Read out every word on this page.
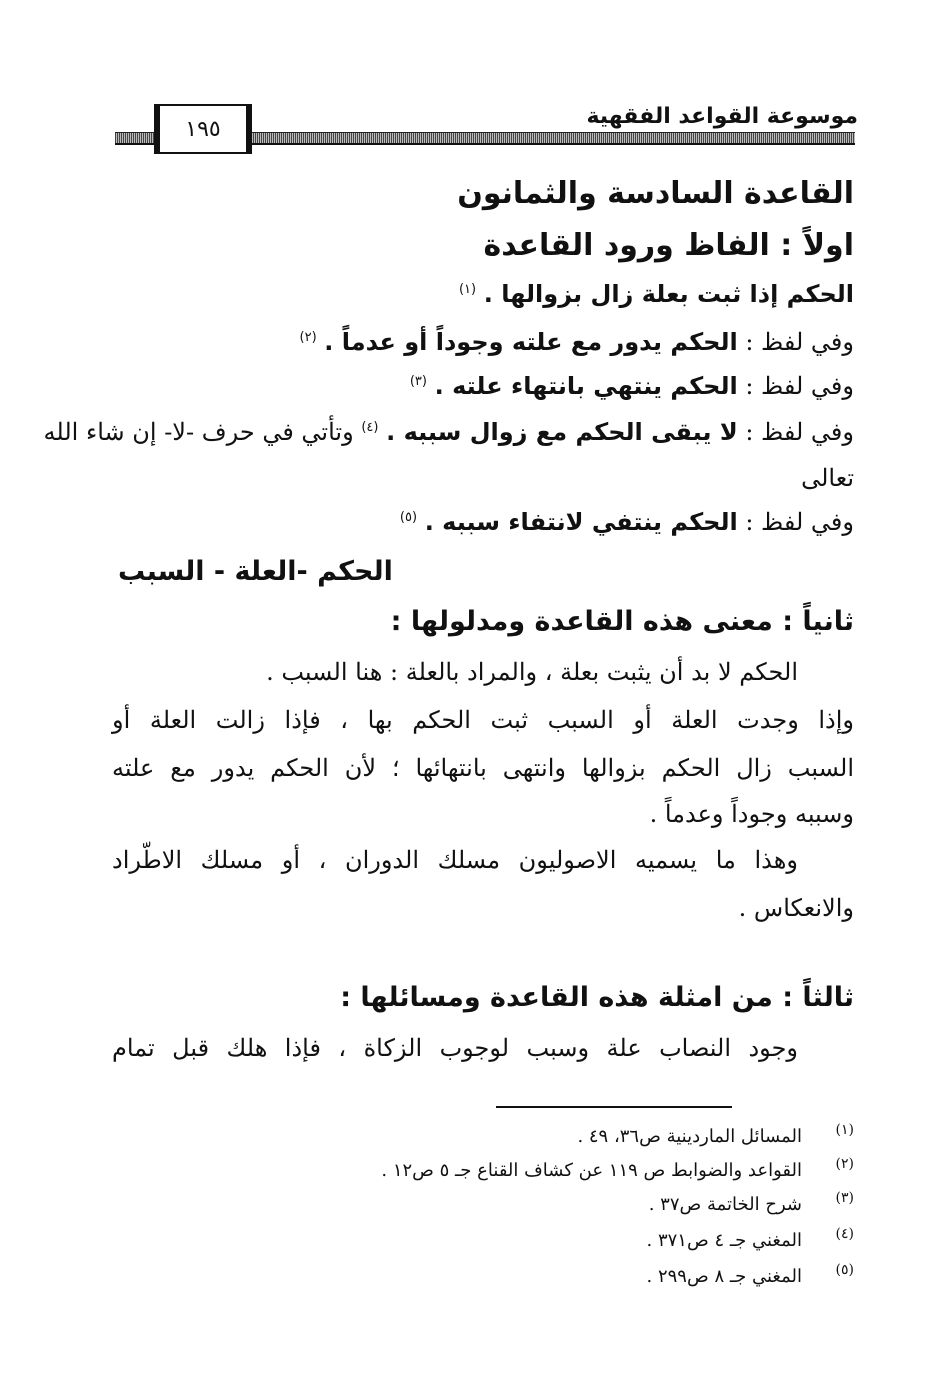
موسوعة القواعد الفقهية
١٩٥
القاعدة السادسة والثمانون
اولاً : الفاظ ورود القاعدة
الحكم إذا ثبت بعلة زال بزوالها . $^{(١)}$
وفي لفظ : الحكم يدور مع علته وجوداً أو عدماً . $^{(٢)}$
وفي لفظ : الحكم ينتهي بانتهاء علته . $^{(٣)}$
وفي لفظ : لا يبقى الحكم مع زوال سببه . $^{(٤)}$ وتأتي في حرف -لا- إن شاء الله
تعالى
وفي لفظ : الحكم ينتفي لانتفاء سببه . $^{(٥)}$
الحكم -العلة - السبب
ثانياً : معنى هذه القاعدة ومدلولها :
الحكم لا بد أن يثبت بعلة ، والمراد بالعلة : هنا السبب .
وإذا وجدت العلة أو السبب ثبت الحكم بها ، فإذا زالت العلة أو
السبب زال الحكم بزوالها وانتهى بانتهائها ؛ لأن الحكم يدور مع علته
وسببه وجوداً وعدماً .
وهذا ما يسميه الاصوليون مسلك الدوران ، أو مسلك الاطّراد
والانعكاس .
ثالثاً : من امثلة هذه القاعدة ومسائلها :
وجود النصاب علة وسبب لوجوب الزكاة ، فإذا هلك قبل تمام
(١)
المسائل الماردينية ص٣٦، ٤٩ .
(٢)
القواعد والضوابط ص ١١٩ عن كشاف القناع جـ ٥ ص١٢ .
(٣)
شرح الخاتمة ص٣٧ .
(٤)
المغني جـ ٤ ص٣٧١ .
(٥)
المغني جـ ٨ ص٢٩٩ .
